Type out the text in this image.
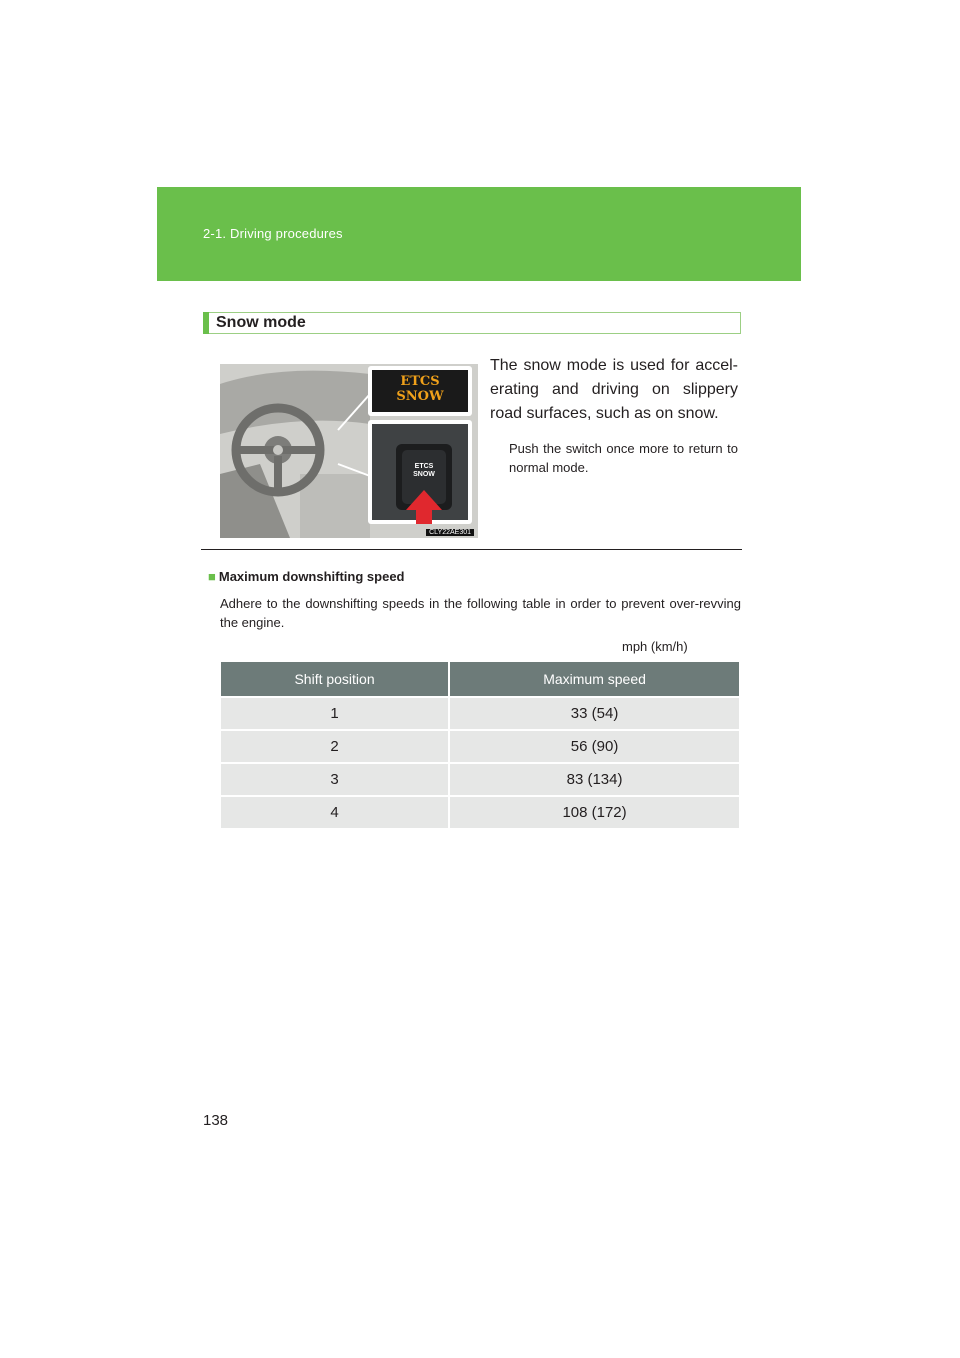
2-1. Driving procedures
Snow mode
ETCS
SNOW
ETCS
SNOW
CLY22AE301
The snow mode is used for accel-erating and driving on slippery road surfaces, such as on snow.
Push the switch once more to return to normal mode.
■ Maximum downshifting speed
Adhere to the downshifting speeds in the following table in order to prevent over-revving the engine.
mph (km/h)
Shift position	Maximum speed
1	33 (54)
2	56 (90)
3	83 (134)
4	108 (172)
138
